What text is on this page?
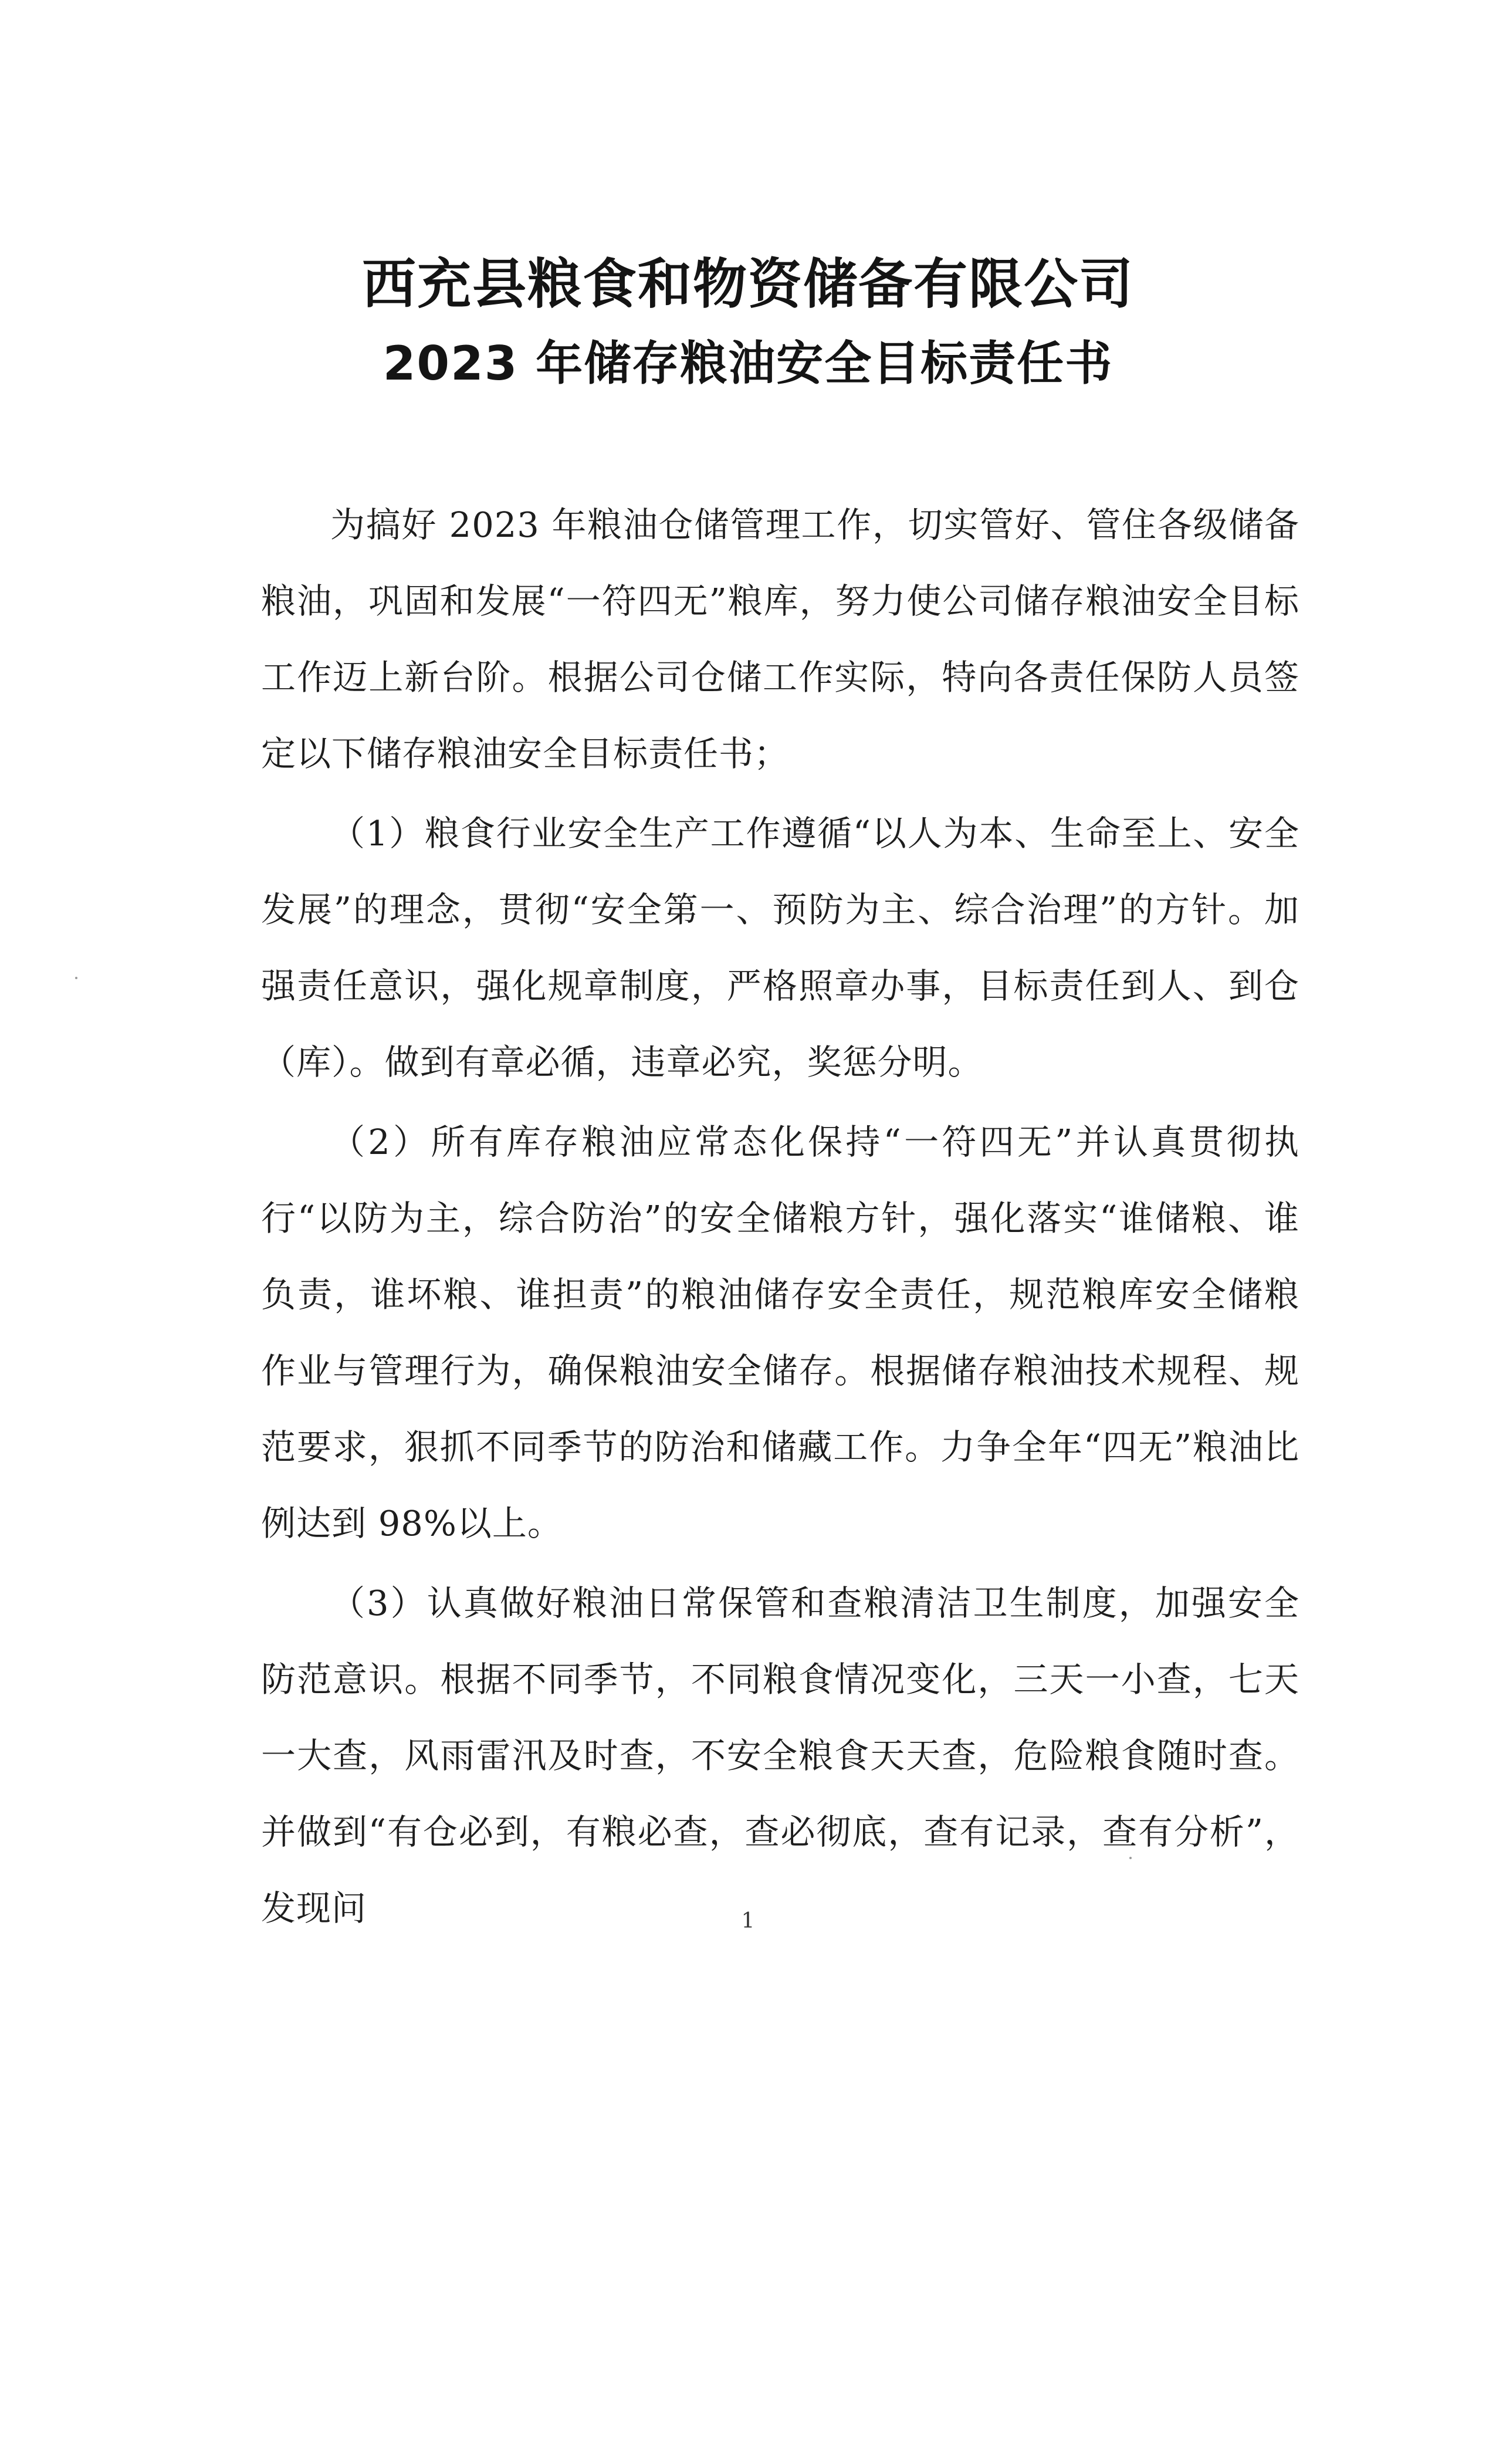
西充县粮食和物资储备有限公司
2023 年储存粮油安全目标责任书

为搞好 2023 年粮油仓储管理工作，切实管好、管住各级储备粮油，巩固和发展“一符四无”粮库，努力使公司储存粮油安全目标工作迈上新台阶。根据公司仓储工作实际，特向各责任保防人员签定以下储存粮油安全目标责任书；

（1）粮食行业安全生产工作遵循“以人为本、生命至上、安全发展”的理念，贯彻“安全第一、预防为主、综合治理”的方针。加强责任意识，强化规章制度，严格照章办事，目标责任到人、到仓（库）。做到有章必循，违章必究，奖惩分明。

（2）所有库存粮油应常态化保持“一符四无”并认真贯彻执行“以防为主，综合防治”的安全储粮方针，强化落实“谁储粮、谁负责，谁坏粮、谁担责”的粮油储存安全责任，规范粮库安全储粮作业与管理行为，确保粮油安全储存。根据储存粮油技术规程、规范要求，狠抓不同季节的防治和储藏工作。力争全年“四无”粮油比例达到 98%以上。

（3）认真做好粮油日常保管和查粮清洁卫生制度，加强安全防范意识。根据不同季节，不同粮食情况变化，三天一小查，七天一大查，风雨雷汛及时查，不安全粮食天天查，危险粮食随时查。并做到“有仓必到，有粮必查，查必彻底，查有记录，查有分析”，发现问	1
